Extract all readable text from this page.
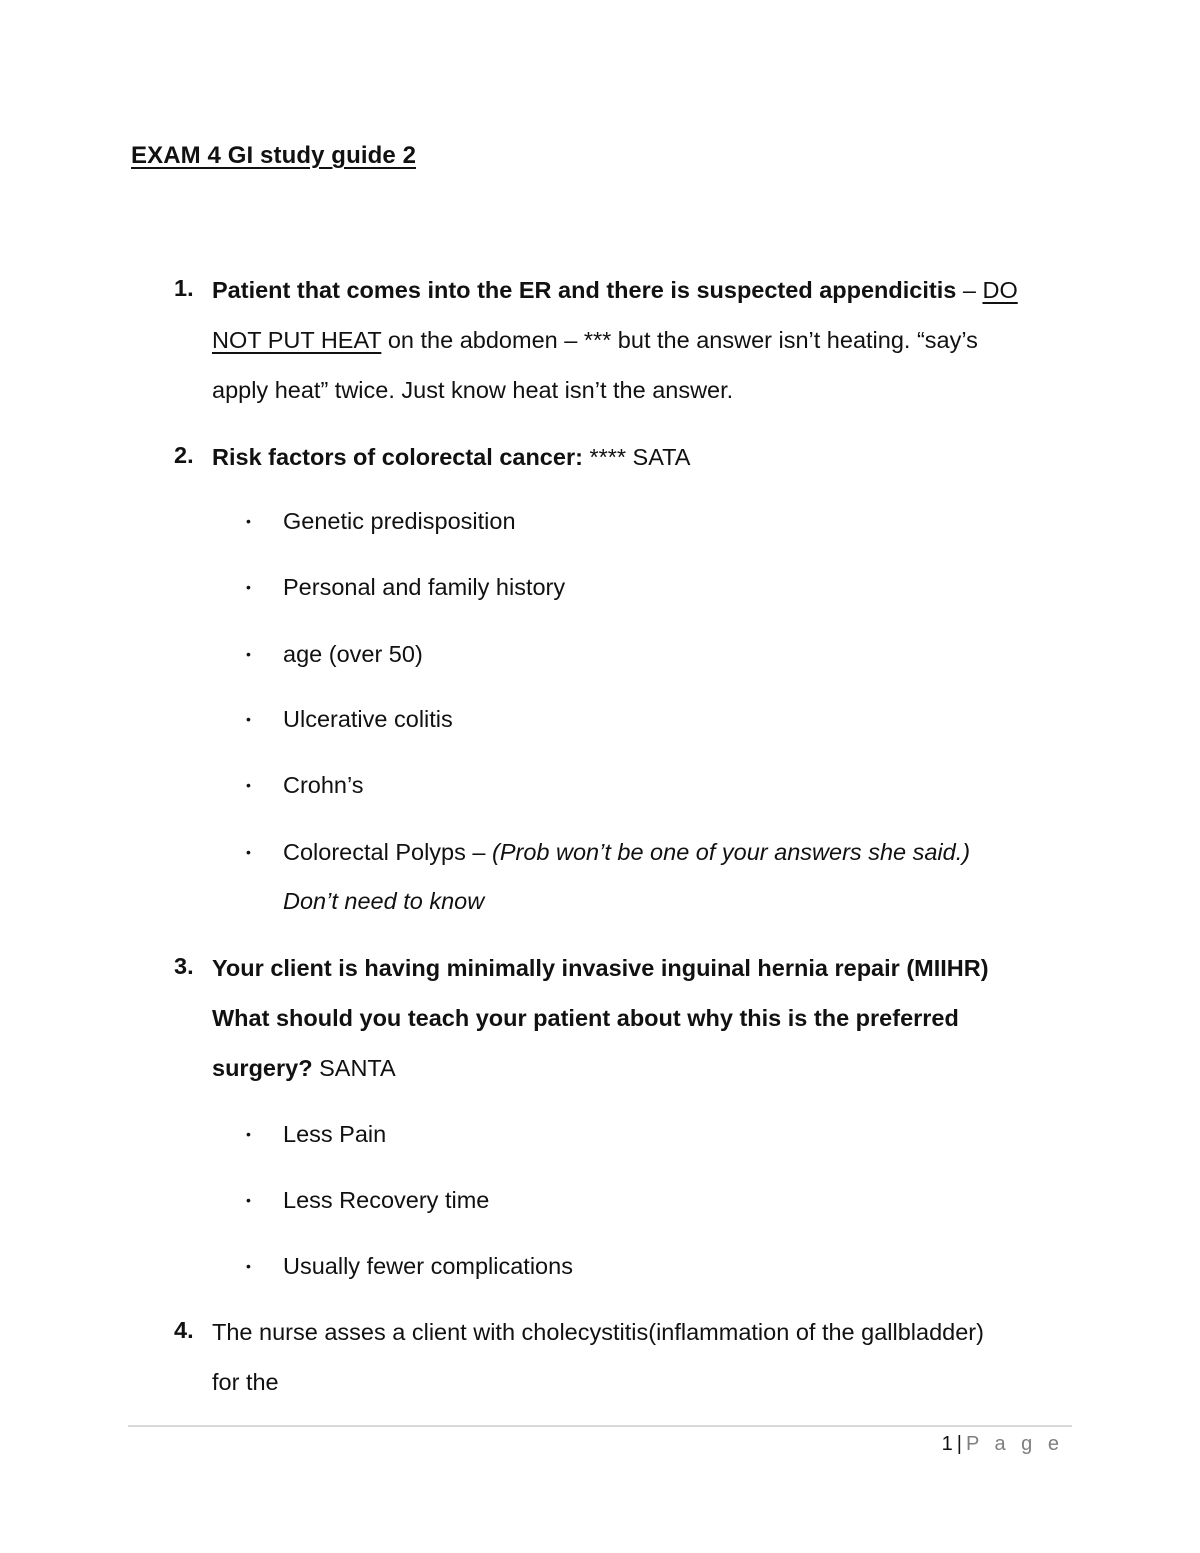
EXAM 4 GI study guide 2
1. Patient that comes into the ER and there is suspected appendicitis – DO
NOT PUT HEAT on the abdomen – *** but the answer isn’t heating. “say’s
apply heat” twice. Just know heat isn’t the answer.
2. Risk factors of colorectal cancer: **** SATA
• Genetic predisposition
• Personal and family history
• age (over 50)
• Ulcerative colitis
• Crohn’s
• Colorectal Polyps – (Prob won’t be one of your answers she said.)
Don’t need to know
3. Your client is having minimally invasive inguinal hernia repair (MIIHR)
What should you teach your patient about why this is the preferred
surgery? SANTA
• Less Pain
• Less Recovery time
• Usually fewer complications
4. The nurse asses a client with cholecystitis(inflammation of the gallbladder)
for the
1 | P a g e
